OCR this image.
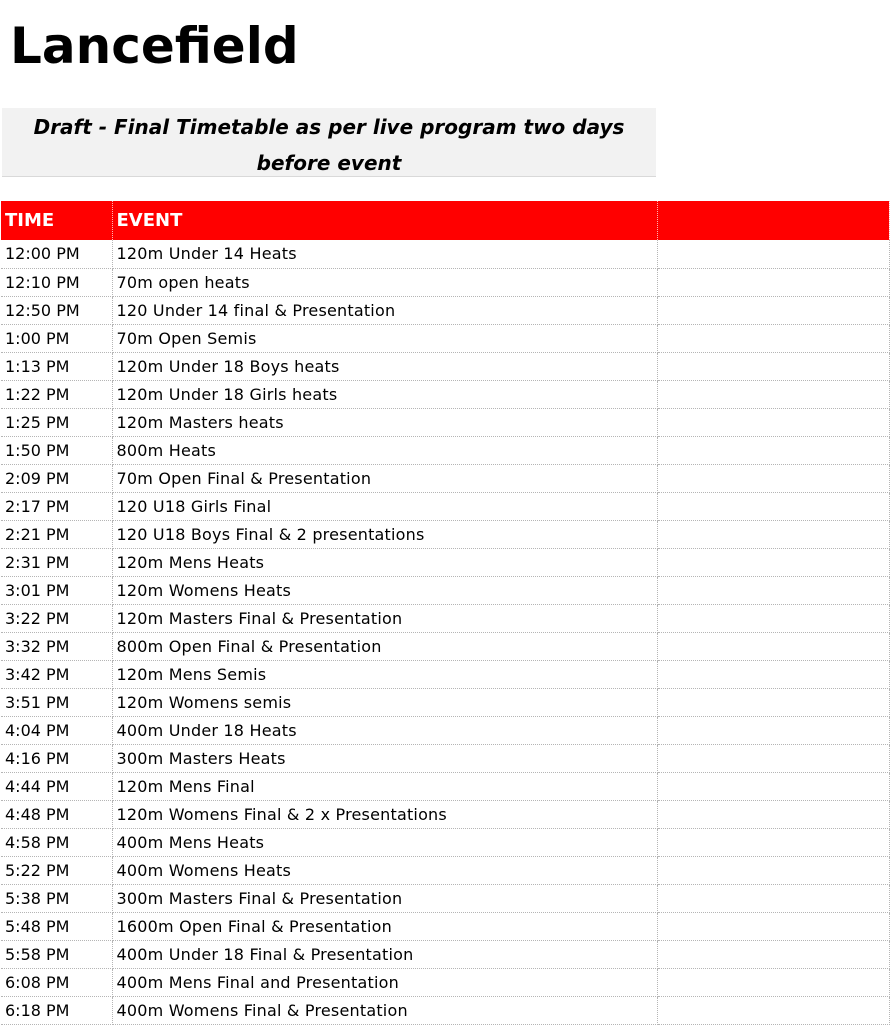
Lancefield
Draft - Final Timetable as per live program two days
before event
TIME	EVENT	
12:00 PM	120m Under 14 Heats	
12:10 PM	70m open heats	
12:50 PM	120 Under 14 final & Presentation	
1:00 PM	70m Open Semis	
1:13 PM	120m Under 18 Boys heats	
1:22 PM	120m Under 18 Girls heats	
1:25 PM	120m Masters heats	
1:50 PM	800m Heats	
2:09 PM	70m Open Final & Presentation	
2:17 PM	120 U18 Girls Final	
2:21 PM	120 U18 Boys Final & 2 presentations	
2:31 PM	120m Mens Heats	
3:01 PM	120m Womens Heats	
3:22 PM	120m Masters Final & Presentation	
3:32 PM	800m Open Final & Presentation	
3:42 PM	120m Mens Semis	
3:51 PM	120m Womens semis	
4:04 PM	400m Under 18 Heats	
4:16 PM	300m Masters Heats	
4:44 PM	120m Mens Final	
4:48 PM	120m Womens Final & 2 x Presentations	
4:58 PM	400m Mens Heats	
5:22 PM	400m Womens Heats	
5:38 PM	300m Masters Final & Presentation	
5:48 PM	1600m Open Final & Presentation	
5:58 PM	400m Under 18 Final & Presentation	
6:08 PM	400m Mens Final and Presentation	
6:18 PM	400m Womens Final & Presentation	
